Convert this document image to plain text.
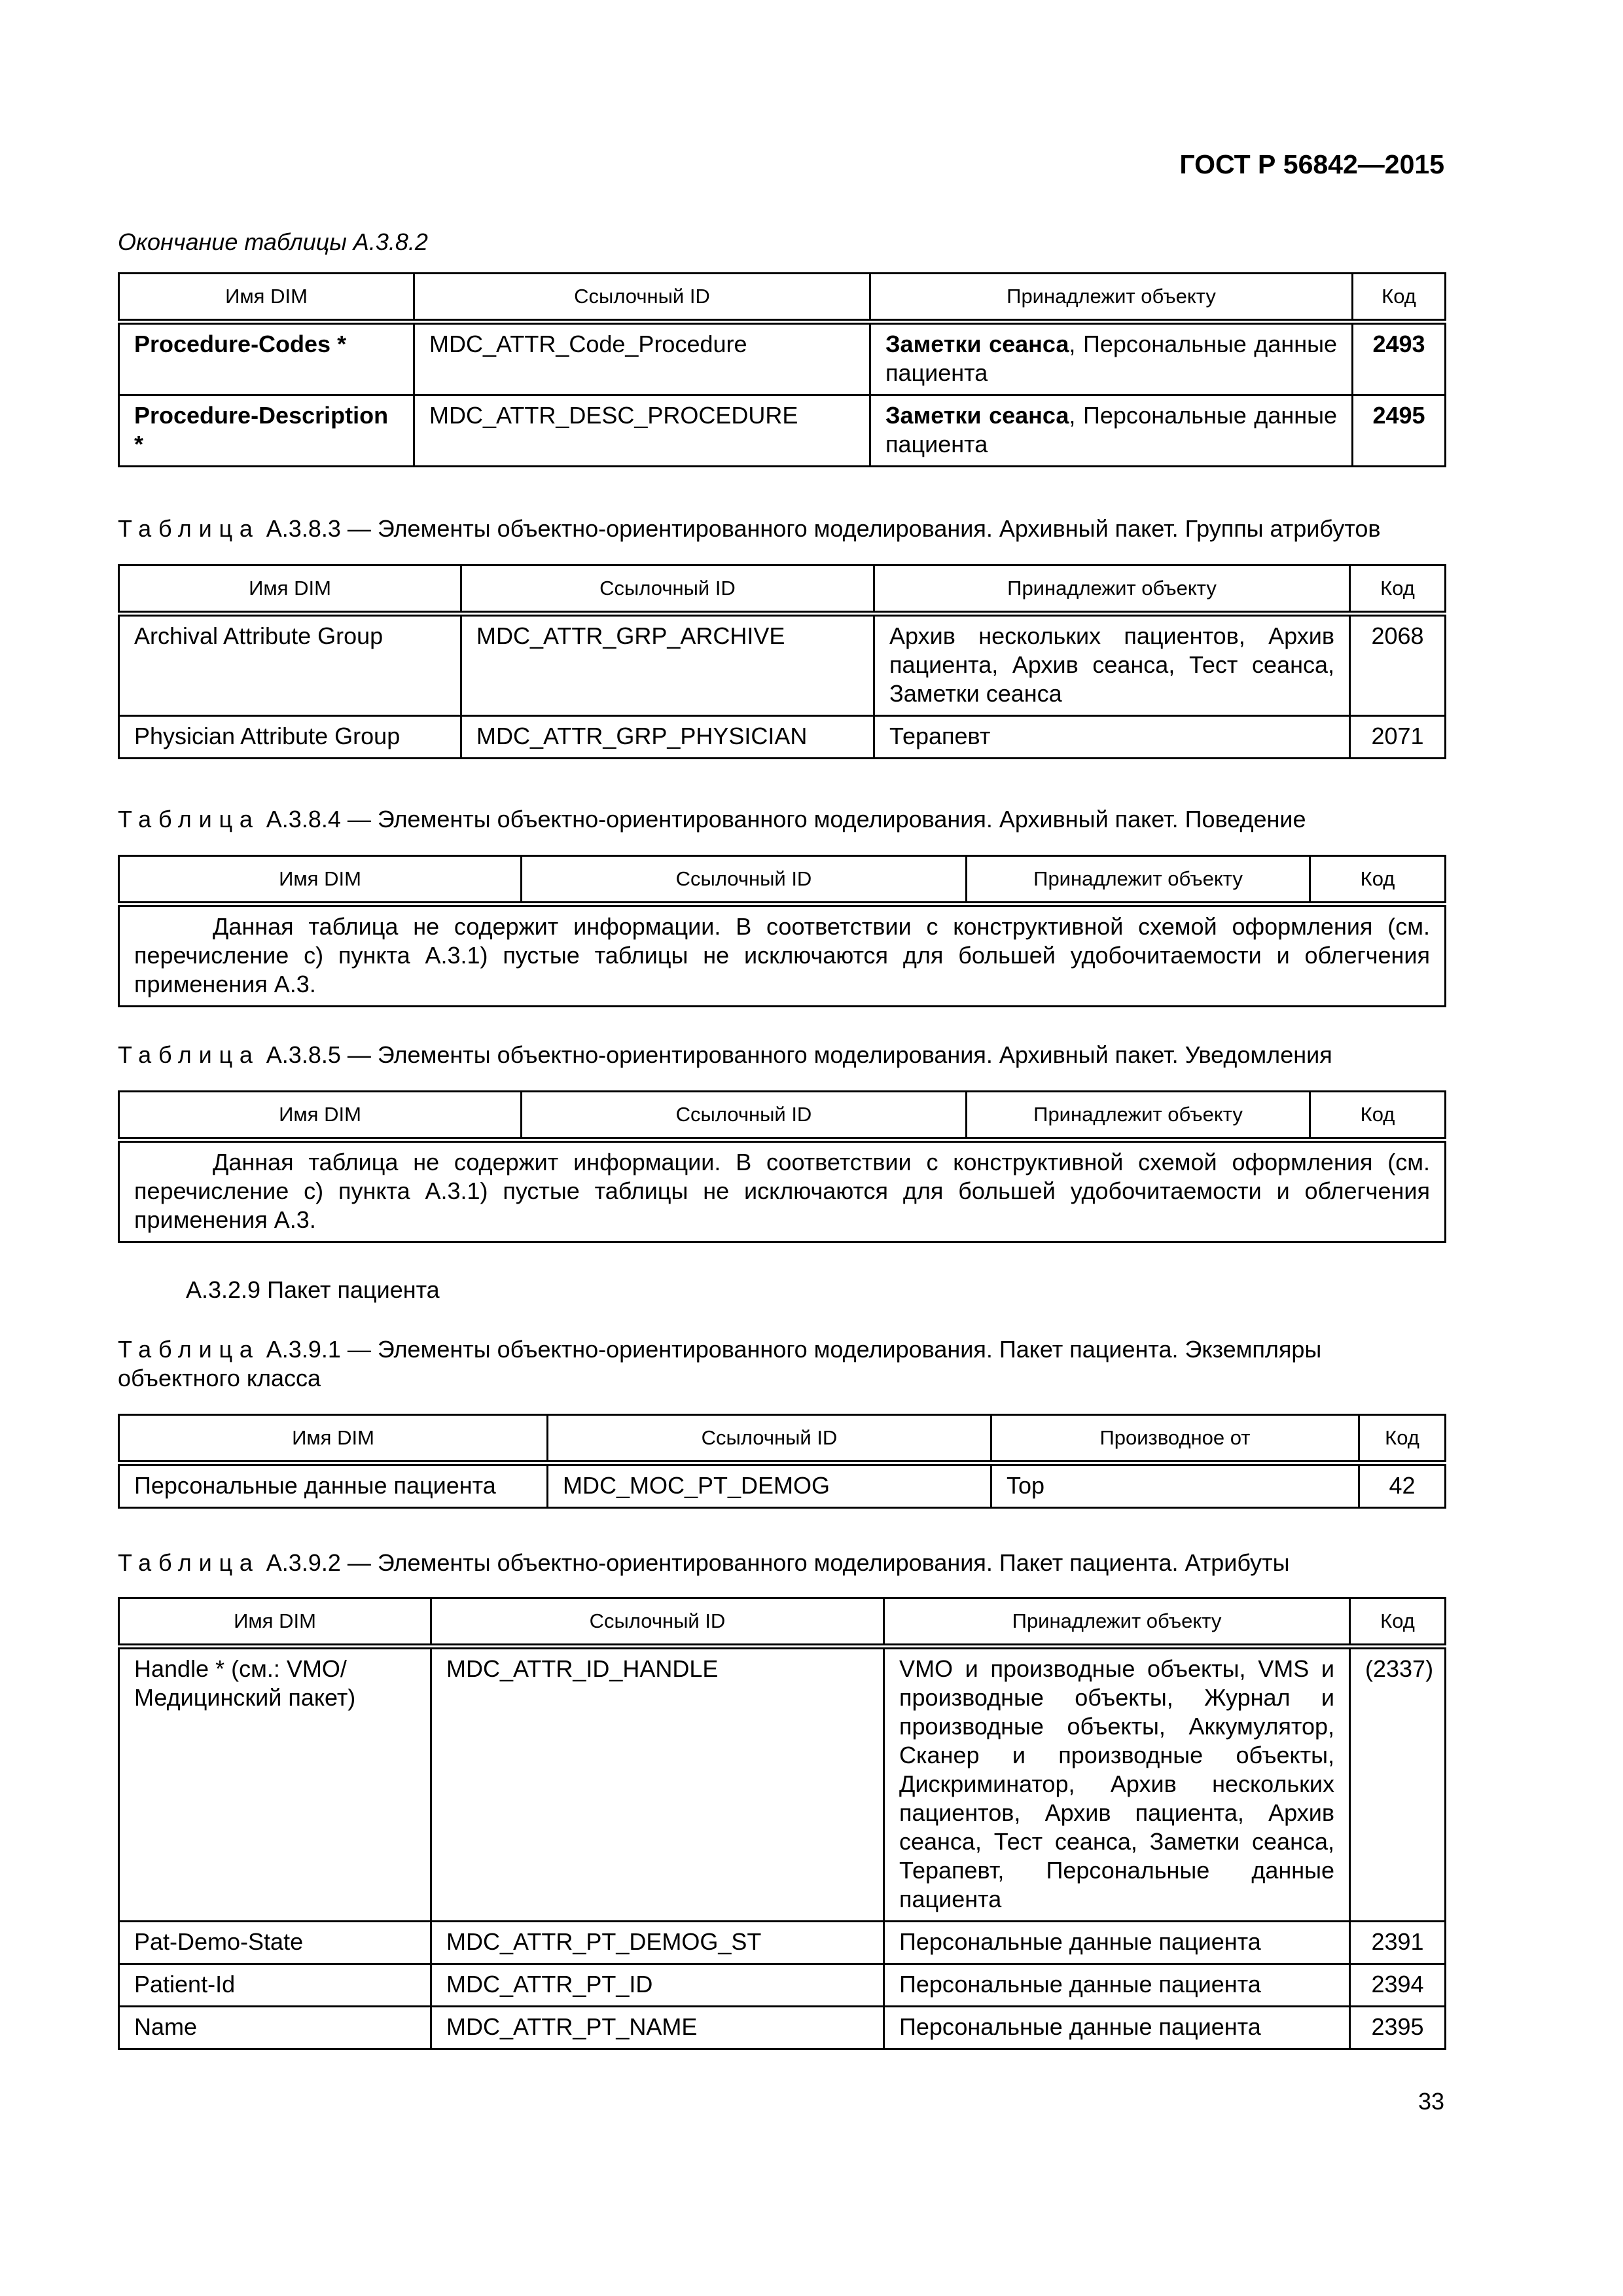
ГОСТ Р 56842—2015
Окончание таблицы А.3.8.2
Имя DIM	Ссылочный ID	Принадлежит объекту	Код
Procedure-Codes *	MDC_ATTR_Code_Procedure	Заметки сеанса, Персональные данные пациента	2493
Procedure-Description *	MDC_ATTR_DESC_PROCEDURE	Заметки сеанса, Персональные данные пациента	2495
Таблица А.3.8.3 — Элементы объектно-ориентированного моделирования. Архивный пакет. Группы атрибутов
Имя DIM	Ссылочный ID	Принадлежит объекту	Код
Archival Attribute Group	MDC_ATTR_GRP_ARCHIVE	Архив нескольких пациентов, Архив пациента, Архив сеанса, Тест сеанса, Заметки сеанса	2068
Physician Attribute Group	MDC_ATTR_GRP_PHYSICIAN	Терапевт	2071
Таблица А.3.8.4 — Элементы объектно-ориентированного моделирования. Архивный пакет. Поведение
Имя DIM	Ссылочный ID	Принадлежит объекту	Код
Данная таблица не содержит информации. В соответствии с конструктивной схемой оформления (см. перечисление c) пункта А.3.1) пустые таблицы не исключаются для большей удобочитаемости и облегчения применения А.3.
Таблица А.3.8.5 — Элементы объектно-ориентированного моделирования. Архивный пакет. Уведомления
Имя DIM	Ссылочный ID	Принадлежит объекту	Код
Данная таблица не содержит информации. В соответствии с конструктивной схемой оформления (см. перечисление c) пункта А.3.1) пустые таблицы не исключаются для большей удобочитаемости и облегчения применения А.3.
А.3.2.9 Пакет пациента
Таблица А.3.9.1 — Элементы объектно-ориентированного моделирования. Пакет пациента. Экземпляры объектного класса
Имя DIM	Ссылочный ID	Производное от	Код
Персональные данные пациента	MDC_MOC_PT_DEMOG	Top	42
Таблица А.3.9.2 — Элементы объектно-ориентированного моделирования. Пакет пациента. Атрибуты
Имя DIM	Ссылочный ID	Принадлежит объекту	Код
Handle * (см.: VMO/ Медицинский пакет)	MDC_ATTR_ID_HANDLE	VMO и производные объекты, VMS и производные объекты, Журнал и производные объекты, Аккумулятор, Сканер и производные объекты, Дискриминатор, Архив нескольких пациентов, Архив пациента, Архив сеанса, Тест сеанса, Заметки сеанса, Терапевт, Персональные данные пациента	(2337)
Pat-Demo-State	MDC_ATTR_PT_DEMOG_ST	Персональные данные пациента	2391
Patient-Id	MDC_ATTR_PT_ID	Персональные данные пациента	2394
Name	MDC_ATTR_PT_NAME	Персональные данные пациента	2395
33
